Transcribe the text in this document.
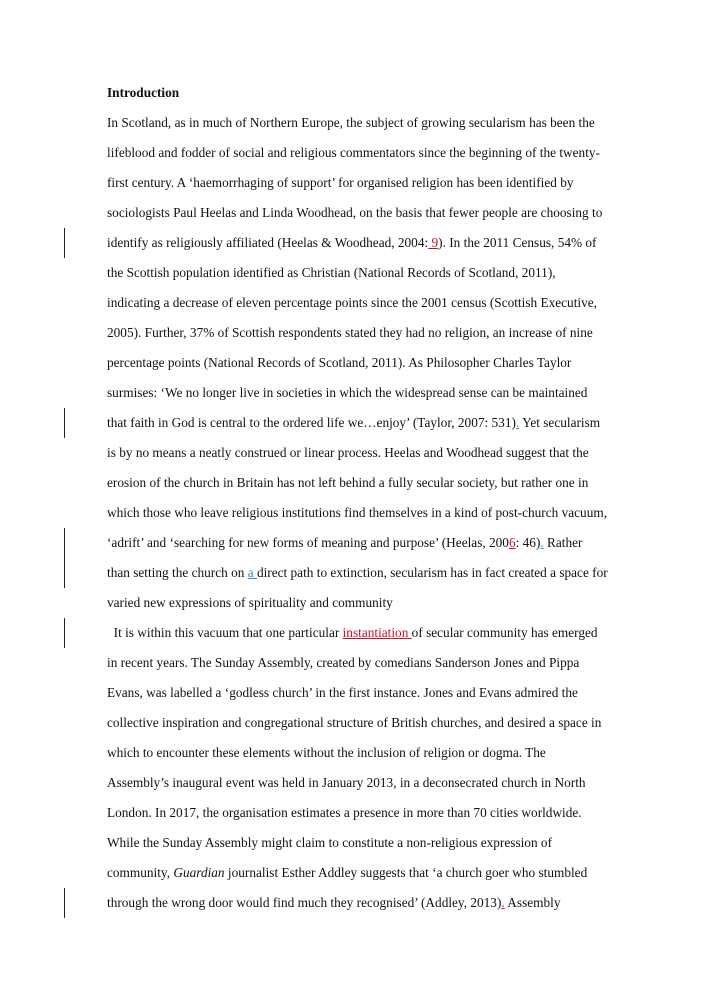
Introduction
In Scotland, as in much of Northern Europe, the subject of growing secularism has been the
lifeblood and fodder of social and religious commentators since the beginning of the twenty-
first century. A ‘haemorrhaging of support’ for organised religion has been identified by
sociologists Paul Heelas and Linda Woodhead, on the basis that fewer people are choosing to
identify as religiously affiliated (Heelas & Woodhead, 2004: 9). In the 2011 Census, 54% of
the Scottish population identified as Christian (National Records of Scotland, 2011),
indicating a decrease of eleven percentage points since the 2001 census (Scottish Executive,
2005). Further, 37% of Scottish respondents stated they had no religion, an increase of nine
percentage points (National Records of Scotland, 2011). As Philosopher Charles Taylor
surmises: ‘We no longer live in societies in which the widespread sense can be maintained
that faith in God is central to the ordered life we…enjoy’ (Taylor, 2007: 531). Yet secularism
is by no means a neatly construed or linear process. Heelas and Woodhead suggest that the
erosion of the church in Britain has not left behind a fully secular society, but rather one in
which those who leave religious institutions find themselves in a kind of post-church vacuum,
‘adrift’ and ‘searching for new forms of meaning and purpose’ (Heelas, 2006: 46). Rather
than setting the church on a direct path to extinction, secularism has in fact created a space for
varied new expressions of spirituality and community
It is within this vacuum that one particular instantiation of secular community has emerged
in recent years. The Sunday Assembly, created by comedians Sanderson Jones and Pippa
Evans, was labelled a ‘godless church’ in the first instance. Jones and Evans admired the
collective inspiration and congregational structure of British churches, and desired a space in
which to encounter these elements without the inclusion of religion or dogma. The
Assembly’s inaugural event was held in January 2013, in a deconsecrated church in North
London. In 2017, the organisation estimates a presence in more than 70 cities worldwide.
While the Sunday Assembly might claim to constitute a non-religious expression of
community, Guardian journalist Esther Addley suggests that ‘a church goer who stumbled
through the wrong door would find much they recognised’ (Addley, 2013). Assembly
